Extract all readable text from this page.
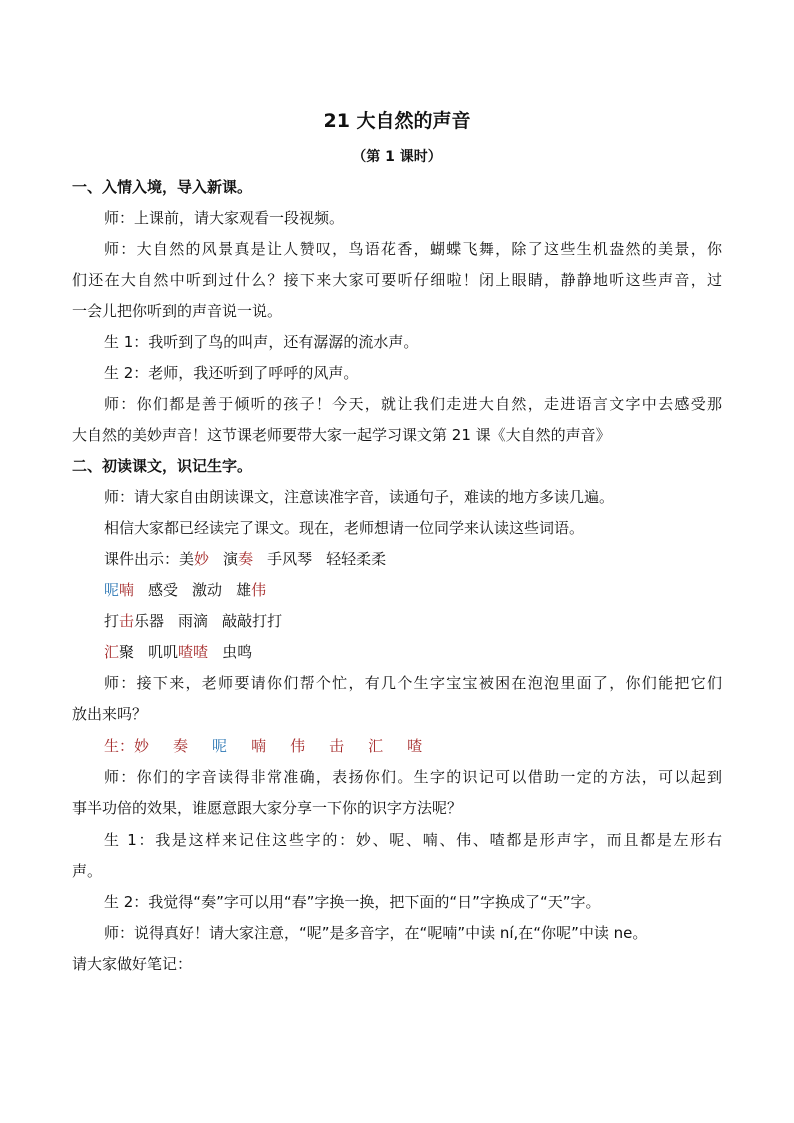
21 大自然的声音
（第 1 课时）
一、入情入境，导入新课。
师：上课前，请大家观看一段视频。
师：大自然的风景真是让人赞叹，鸟语花香，蝴蝶飞舞，除了这些生机盎然的美景，你
们还在大自然中听到过什么？接下来大家可要听仔细啦！闭上眼睛，静静地听这些声音，过
一会儿把你听到的声音说一说。
生 1：我听到了鸟的叫声，还有潺潺的流水声。
生 2：老师，我还听到了呼呼的风声。
师：你们都是善于倾听的孩子！今天，就让我们走进大自然，走进语言文字中去感受那
大自然的美妙声音！这节课老师要带大家一起学习课文第 21 课《大自然的声音》
二、初读课文，识记生字。
师：请大家自由朗读课文，注意读准字音，读通句子，难读的地方多读几遍。
相信大家都已经读完了课文。现在，老师想请一位同学来认读这些词语。
课件出示：美妙 演奏 手风琴 轻轻柔柔
呢喃 感受 激动 雄伟
打击乐器 雨滴 敲敲打打
汇聚 叽叽喳喳 虫鸣
师：接下来，老师要请你们帮个忙，有几个生字宝宝被困在泡泡里面了，你们能把它们
放出来吗？
生：妙 奏 呢 喃 伟 击 汇 喳
师：你们的字音读得非常准确，表扬你们。生字的识记可以借助一定的方法，可以起到
事半功倍的效果，谁愿意跟大家分享一下你的识字方法呢？
生 1：我是这样来记住这些字的：妙、呢、喃、伟、喳都是形声字，而且都是左形右
声。
生 2：我觉得“奏”字可以用“春”字换一换，把下面的“日”字换成了“天”字。
师：说得真好！请大家注意，“呢”是多音字，在“呢喃”中读 ní,在“你呢”中读 ne。
请大家做好笔记：
